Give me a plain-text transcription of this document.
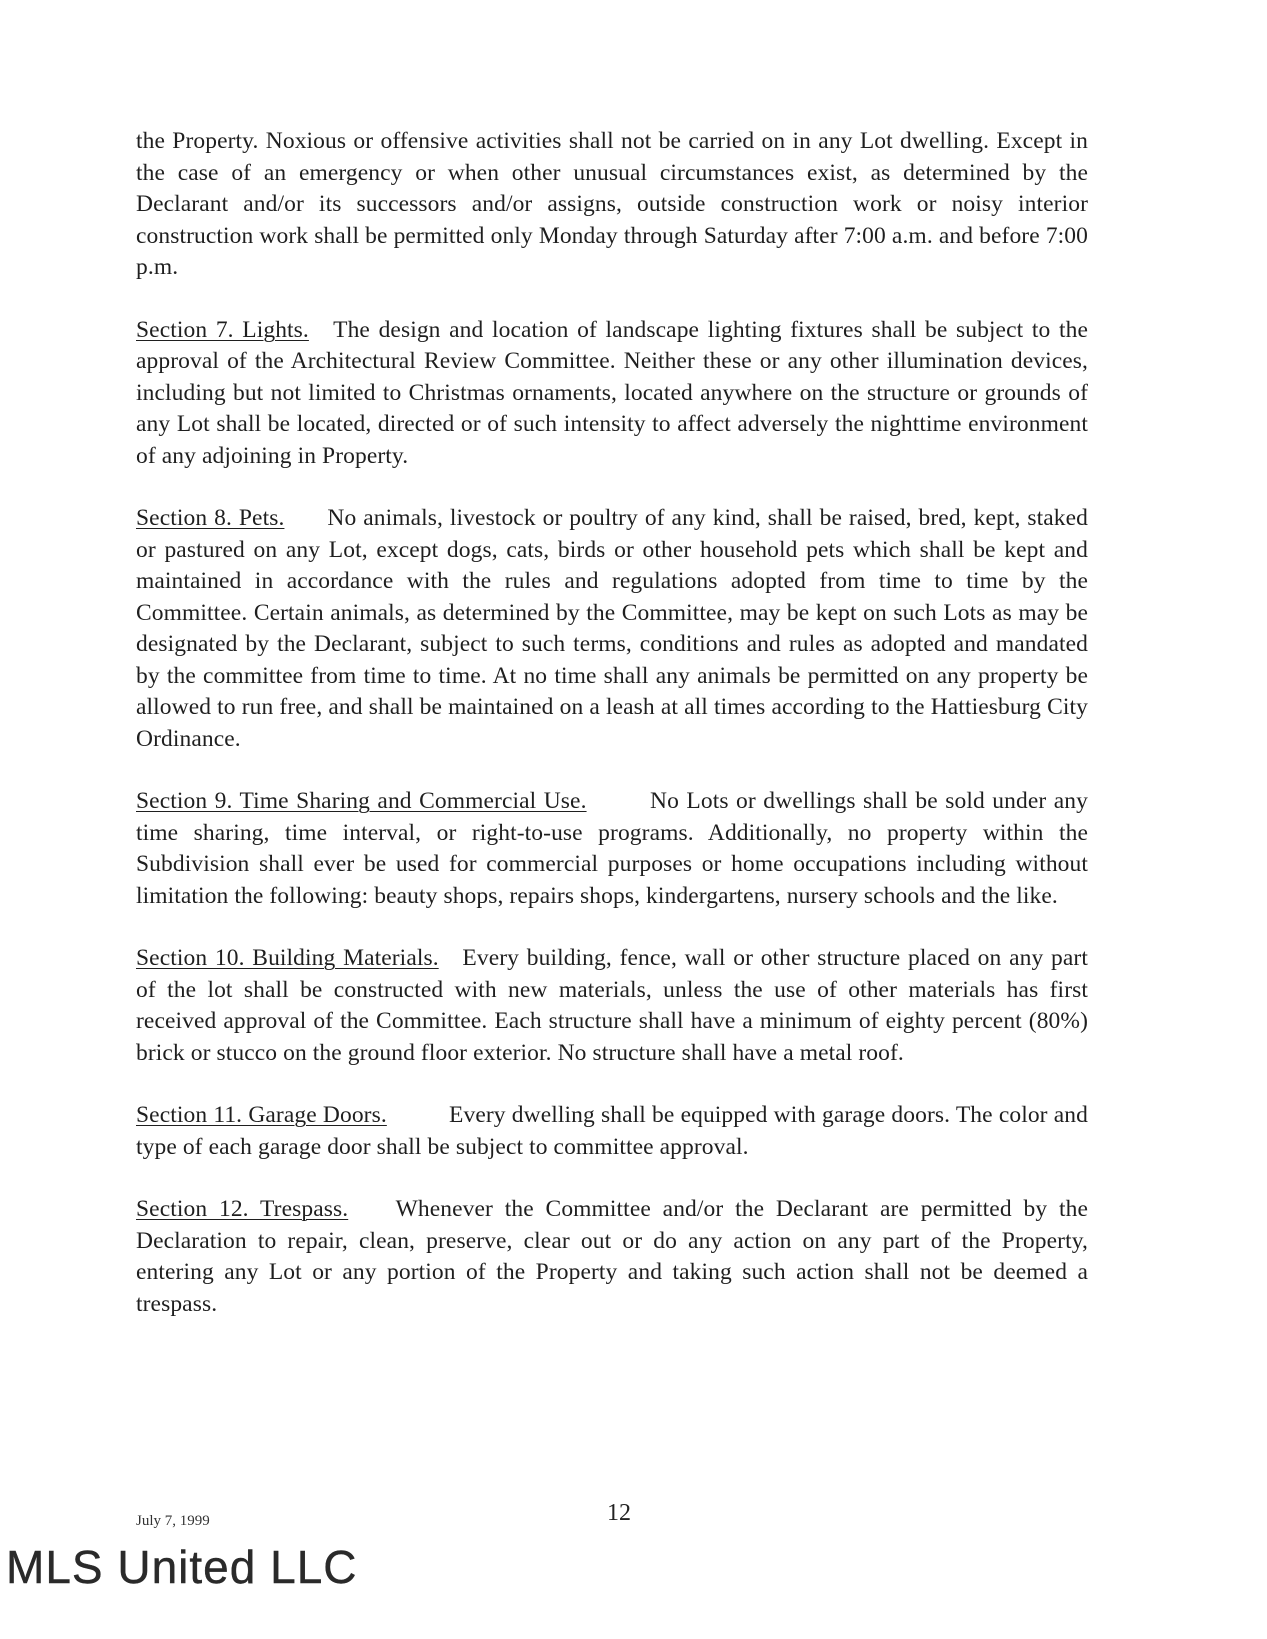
the Property. Noxious or offensive activities shall not be carried on in any Lot dwelling. Except in the case of an emergency or when other unusual circumstances exist, as determined by the Declarant and/or its successors and/or assigns, outside construction work or noisy interior construction work shall be permitted only Monday through Saturday after 7:00 a.m. and before 7:00 p.m.

Section 7. Lights. The design and location of landscape lighting fixtures shall be subject to the approval of the Architectural Review Committee. Neither these or any other illumination devices, including but not limited to Christmas ornaments, located anywhere on the structure or grounds of any Lot shall be located, directed or of such intensity to affect adversely the nighttime environment of any adjoining in Property.

Section 8. Pets. No animals, livestock or poultry of any kind, shall be raised, bred, kept, staked or pastured on any Lot, except dogs, cats, birds or other household pets which shall be kept and maintained in accordance with the rules and regulations adopted from time to time by the Committee. Certain animals, as determined by the Committee, may be kept on such Lots as may be designated by the Declarant, subject to such terms, conditions and rules as adopted and mandated by the committee from time to time. At no time shall any animals be permitted on any property be allowed to run free, and shall be maintained on a leash at all times according to the Hattiesburg City Ordinance.

Section 9. Time Sharing and Commercial Use.	No Lots or dwellings shall be sold under any time sharing, time interval, or right-to-use programs. Additionally, no property within the Subdivision shall ever be used for commercial purposes or home occupations including without limitation the following: beauty shops, repairs shops, kindergartens, nursery schools and the like.

Section 10. Building Materials. Every building, fence, wall or other structure placed on any part of the lot shall be constructed with new materials, unless the use of other materials has first received approval of the Committee. Each structure shall have a minimum of eighty percent (80%) brick or stucco on the ground floor exterior. No structure shall have a metal roof.

Section 11. Garage Doors.	Every dwelling shall be equipped with garage doors. The color and type of each garage door shall be subject to committee approval.

Section 12. Trespass. Whenever the Committee and/or the Declarant are permitted by the Declaration to repair, clean, preserve, clear out or do any action on any part of the Property, entering any Lot or any portion of the Property and taking such action shall not be deemed a trespass.

July 7, 1999	12
MLS United LLC
